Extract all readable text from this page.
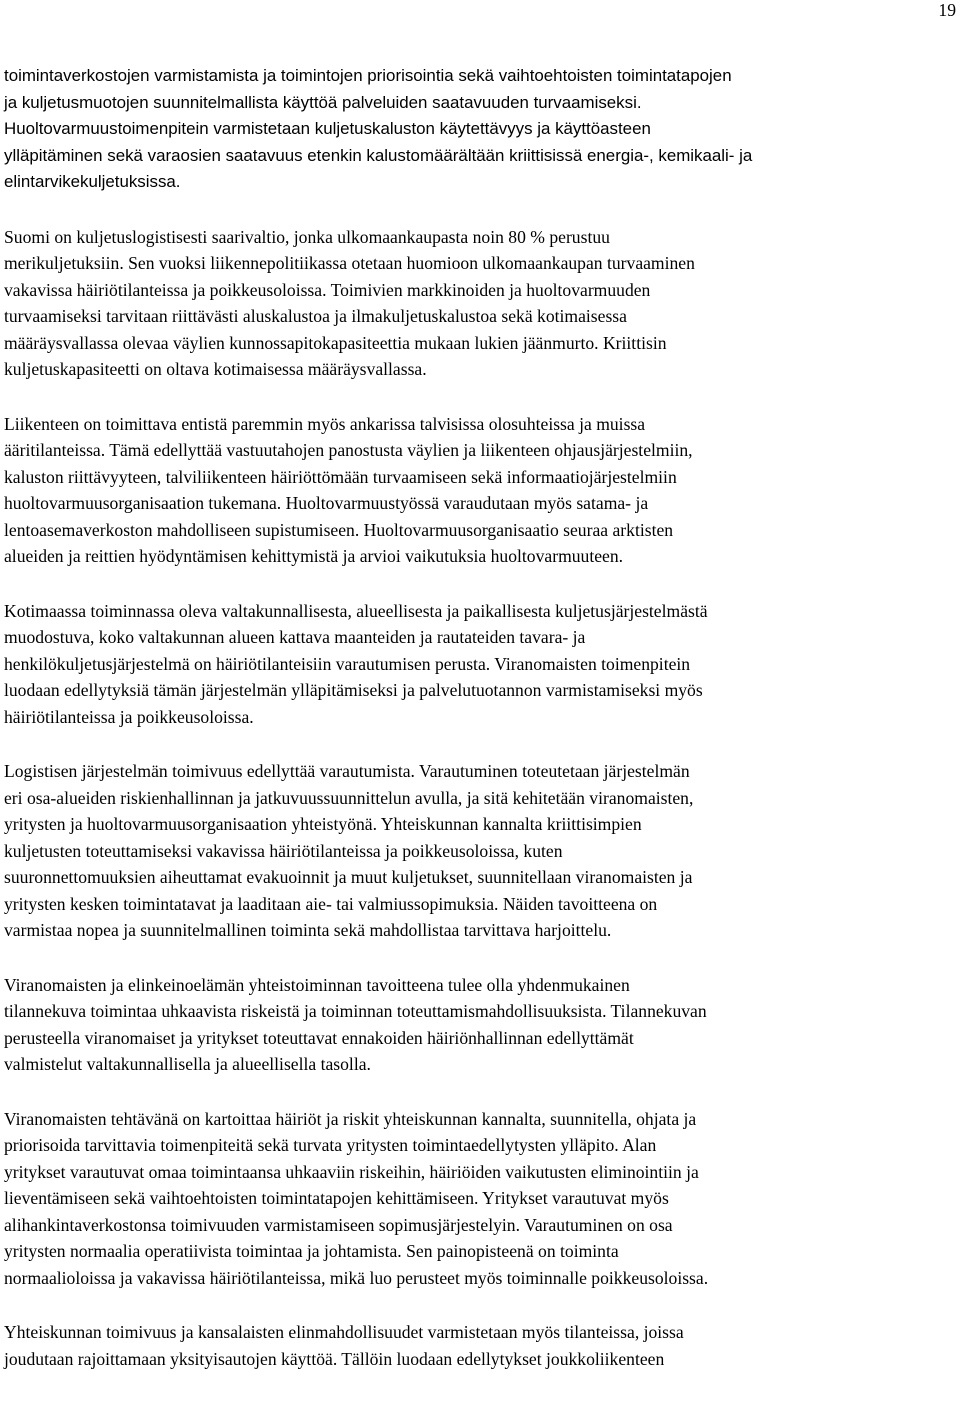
19

toimintaverkostojen varmistamista ja toimintojen priorisointia sekä vaihtoehtoisten toimintatapojen
ja kuljetusmuotojen suunnitelmallista käyttöä palveluiden saatavuuden turvaamiseksi.
Huoltovarmuustoimenpitein varmistetaan kuljetuskaluston käytettävyys ja käyttöasteen
ylläpitäminen sekä varaosien saatavuus etenkin kalustomäärältään kriittisissä energia-, kemikaali- ja
elintarvikekuljetuksissa.

Suomi on kuljetuslogistisesti saarivaltio, jonka ulkomaankaupasta noin 80 % perustuu
merikuljetuksiin. Sen vuoksi liikennepolitiikassa otetaan huomioon ulkomaankaupan turvaaminen
vakavissa häiriötilanteissa ja poikkeusoloissa. Toimivien markkinoiden ja huoltovarmuuden
turvaamiseksi tarvitaan riittävästi aluskalustoa ja ilmakuljetuskalustoa sekä kotimaisessa
määräysvallassa olevaa väylien kunnossapitokapasiteettia mukaan lukien jäänmurto. Kriittisin
kuljetuskapasiteetti on oltava kotimaisessa määräysvallassa.

Liikenteen on toimittava entistä paremmin myös ankarissa talvisissa olosuhteissa ja muissa
ääritilanteissa. Tämä edellyttää vastuutahojen panostusta väylien ja liikenteen ohjausjärjestelmiin,
kaluston riittävyyteen, talviliikenteen häiriöttömään turvaamiseen sekä informaatiojärjestelmiin
huoltovarmuusorganisaation tukemana. Huoltovarmuustyössä varaudutaan myös satama- ja
lentoasemaverkoston mahdolliseen supistumiseen. Huoltovarmuusorganisaatio seuraa arktisten
alueiden ja reittien hyödyntämisen kehittymistä ja arvioi vaikutuksia huoltovarmuuteen.

Kotimaassa toiminnassa oleva valtakunnallisesta, alueellisesta ja paikallisesta kuljetusjärjestelmästä
muodostuva, koko valtakunnan alueen kattava maanteiden ja rautateiden tavara- ja
henkilökuljetusjärjestelmä on häiriötilanteisiin varautumisen perusta. Viranomaisten toimenpitein
luodaan edellytyksiä tämän järjestelmän ylläpitämiseksi ja palvelutuotannon varmistamiseksi myös
häiriötilanteissa ja poikkeusoloissa.

Logistisen järjestelmän toimivuus edellyttää varautumista. Varautuminen toteutetaan järjestelmän
eri osa-alueiden riskienhallinnan ja jatkuvuussuunnittelun avulla, ja sitä kehitetään viranomaisten,
yritysten ja huoltovarmuusorganisaation yhteistyönä. Yhteiskunnan kannalta kriittisimpien
kuljetusten toteuttamiseksi vakavissa häiriötilanteissa ja poikkeusoloissa, kuten
suuronnettomuuksien aiheuttamat evakuoinnit ja muut kuljetukset, suunnitellaan viranomaisten ja
yritysten kesken toimintatavat ja laaditaan aie- tai valmiussopimuksia. Näiden tavoitteena on
varmistaa nopea ja suunnitelmallinen toiminta sekä mahdollistaa tarvittava harjoittelu.

Viranomaisten ja elinkeinoelämän yhteistoiminnan tavoitteena tulee olla yhdenmukainen
tilannekuva toimintaa uhkaavista riskeistä ja toiminnan toteuttamismahdollisuuksista. Tilannekuvan
perusteella viranomaiset ja yritykset toteuttavat ennakoiden häiriönhallinnan edellyttämät
valmistelut valtakunnallisella ja alueellisella tasolla.

Viranomaisten tehtävänä on kartoittaa häiriöt ja riskit yhteiskunnan kannalta, suunnitella, ohjata ja
priorisoida tarvittavia toimenpiteitä sekä turvata yritysten toimintaedellytysten ylläpito. Alan
yritykset varautuvat omaa toimintaansa uhkaaviin riskeihin, häiriöiden vaikutusten eliminointiin ja
lieventämiseen sekä vaihtoehtoisten toimintatapojen kehittämiseen. Yritykset varautuvat myös
alihankintaverkostonsa toimivuuden varmistamiseen sopimusjärjestelyin. Varautuminen on osa
yritysten normaalia operatiivista toimintaa ja johtamista. Sen painopisteenä on toiminta
normaalioloissa ja vakavissa häiriötilanteissa, mikä luo perusteet myös toiminnalle poikkeusoloissa.

Yhteiskunnan toimivuus ja kansalaisten elinmahdollisuudet varmistetaan myös tilanteissa, joissa
joudutaan rajoittamaan yksityisautojen käyttöä. Tällöin luodaan edellytykset joukkoliikenteen
